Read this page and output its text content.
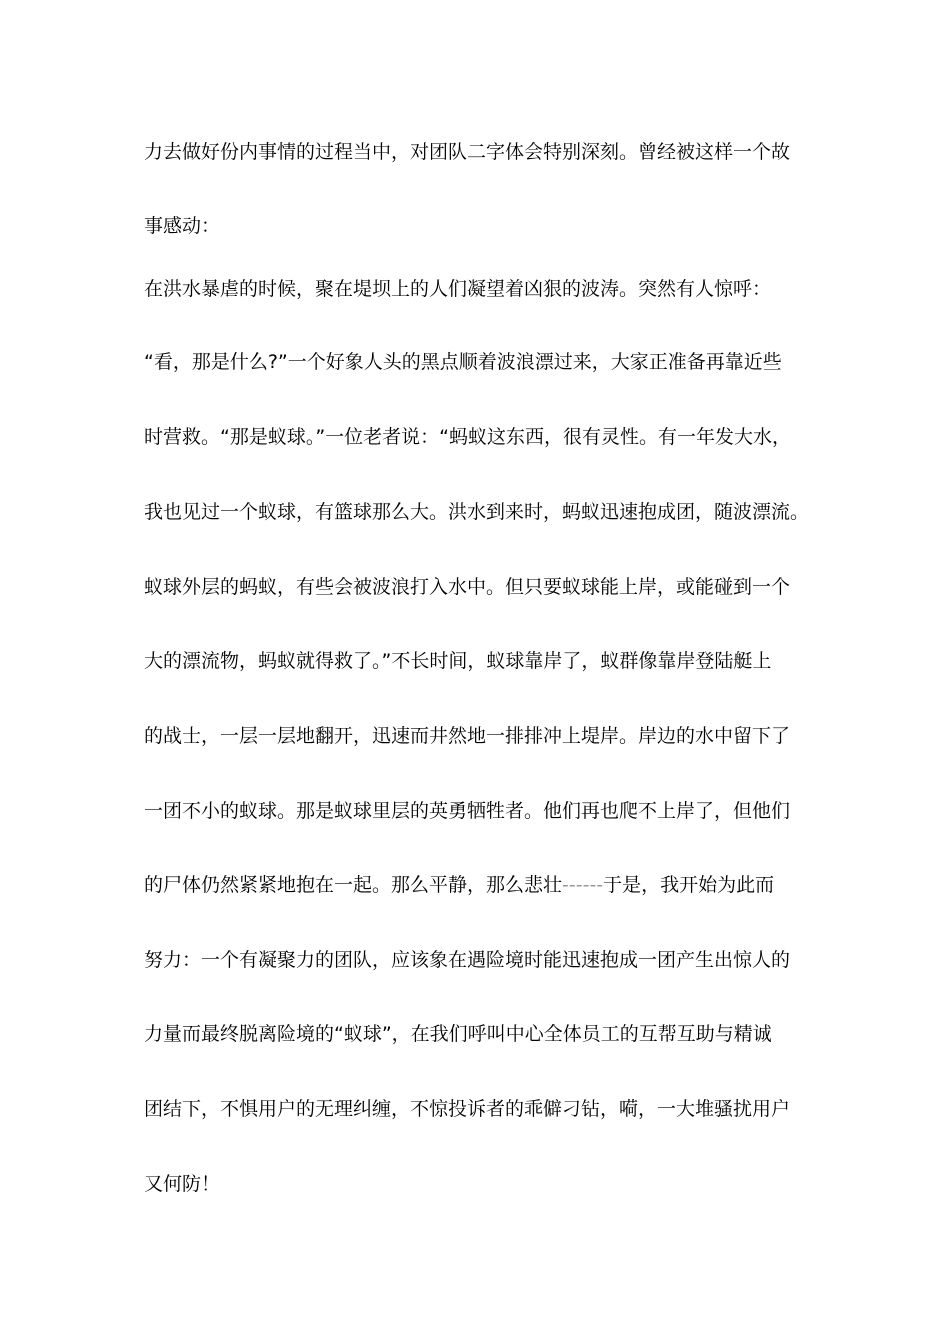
力去做好份内事情的过程当中，对团队二字体会特别深刻。曾经被这样一个故
事感动：
在洪水暴虐的时候，聚在堤坝上的人们凝望着凶狠的波涛。突然有人惊呼：
“看，那是什么?”一个好象人头的黑点顺着波浪漂过来，大家正准备再靠近些
时营救。“那是蚁球。”一位老者说：“蚂蚁这东西，很有灵性。有一年发大水，
我也见过一个蚁球，有篮球那么大。洪水到来时，蚂蚁迅速抱成团，随波漂流。
蚁球外层的蚂蚁，有些会被波浪打入水中。但只要蚁球能上岸，或能碰到一个
大的漂流物，蚂蚁就得救了。”不长时间，蚁球靠岸了，蚁群像靠岸登陆艇上
的战士，一层一层地翻开，迅速而井然地一排排冲上堤岸。岸边的水中留下了
一团不小的蚁球。那是蚁球里层的英勇牺牲者。他们再也爬不上岸了，但他们
的尸体仍然紧紧地抱在一起。那么平静，那么悲壮------于是，我开始为此而
努力：一个有凝聚力的团队，应该象在遇险境时能迅速抱成一团产生出惊人的
力量而最终脱离险境的“蚁球”，在我们呼叫中心全体员工的互帮互助与精诚
团结下，不惧用户的无理纠缠，不惊投诉者的乖僻刁钻，嗬，一大堆骚扰用户
又何防！
